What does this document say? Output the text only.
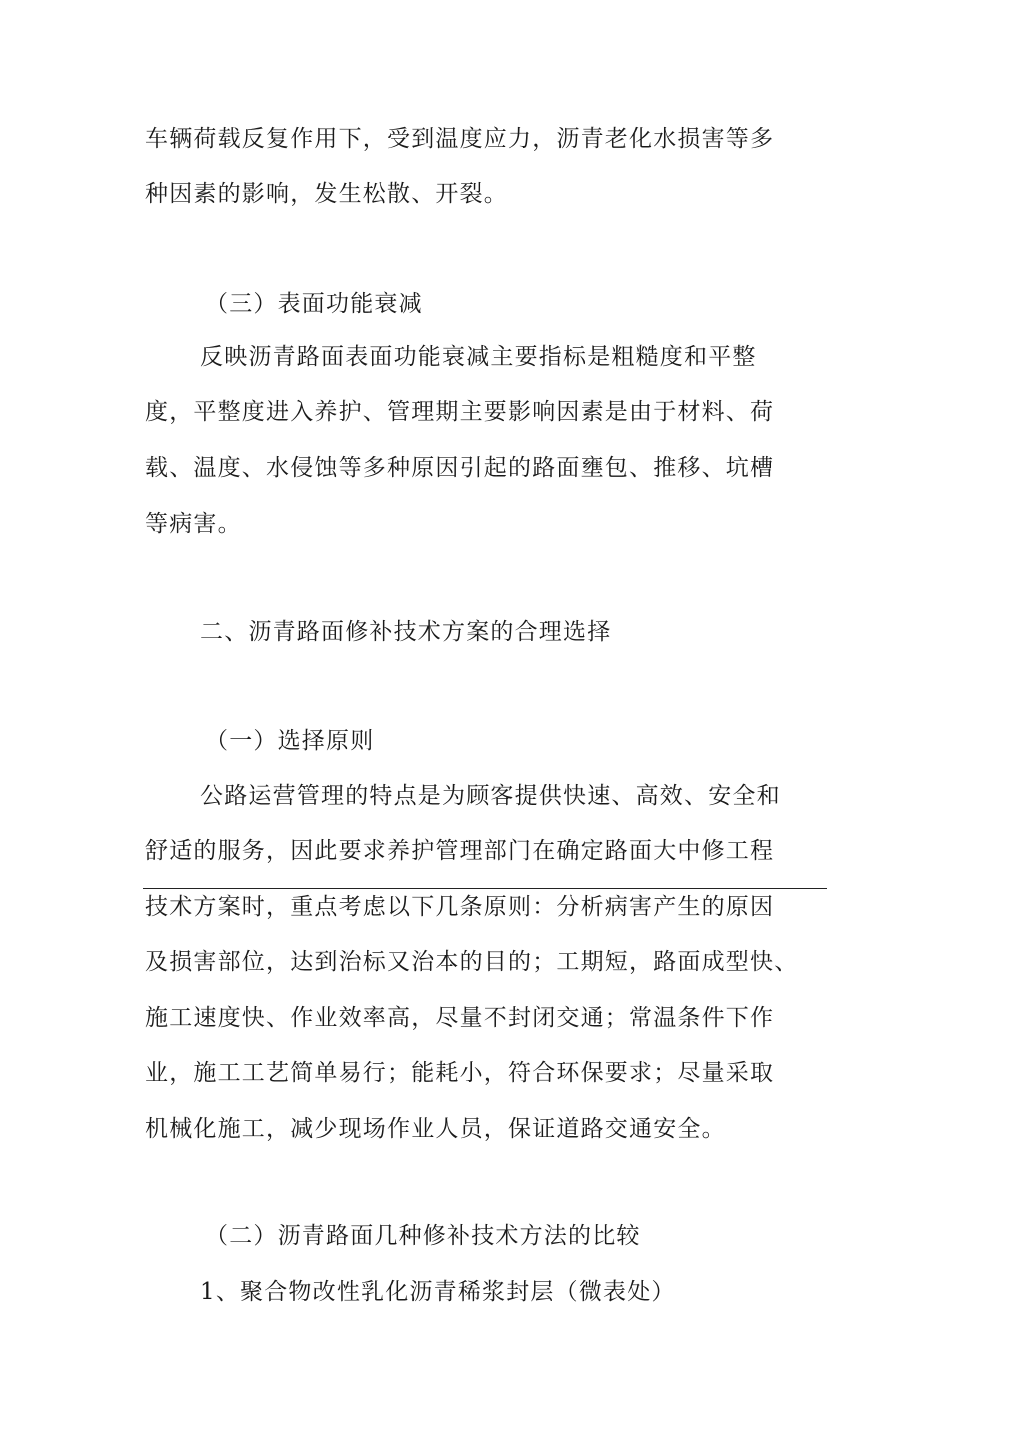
车辆荷载反复作用下，受到温度应力，沥青老化水损害等多
种因素的影响，发生松散、开裂。
（三）表面功能衰减
反映沥青路面表面功能衰减主要指标是粗糙度和平整
度，平整度进入养护、管理期主要影响因素是由于材料、荷
载、温度、水侵蚀等多种原因引起的路面壅包、推移、坑槽
等病害。
二、沥青路面修补技术方案的合理选择
（一）选择原则
公路运营管理的特点是为顾客提供快速、高效、安全和
舒适的服务，因此要求养护管理部门在确定路面大中修工程
技术方案时，重点考虑以下几条原则：分析病害产生的原因
及损害部位，达到治标又治本的目的；工期短，路面成型快、
施工速度快、作业效率高，尽量不封闭交通；常温条件下作
业，施工工艺简单易行；能耗小，符合环保要求；尽量采取
机械化施工，减少现场作业人员，保证道路交通安全。
（二）沥青路面几种修补技术方法的比较
1、聚合物改性乳化沥青稀浆封层（微表处）
